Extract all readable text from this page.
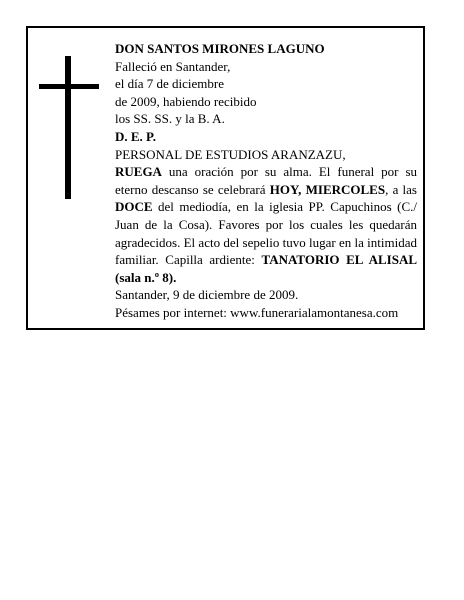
DON SANTOS MIRONES LAGUNO

Falleció en Santander,

el día 7 de diciembre

de 2009, habiendo recibido

los SS. SS. y la B. A.

D. E. P.

PERSONAL DE ESTUDIOS ARANZAZU,

RUEGA una oración por su alma. El funeral por su eterno descanso se celebrará HOY, MIERCOLES, a las DOCE del mediodía, en la iglesia PP. Capuchinos (C./ Juan de la Cosa). Favores por los cuales les quedarán agradecidos. El acto del sepelio tuvo lugar en la intimidad familiar. Capilla ardiente: TANATORIO EL ALISAL (sala n.º 8).

Santander, 9 de diciembre de 2009.

Pésames por internet: www.funerarialamontanesa.com
